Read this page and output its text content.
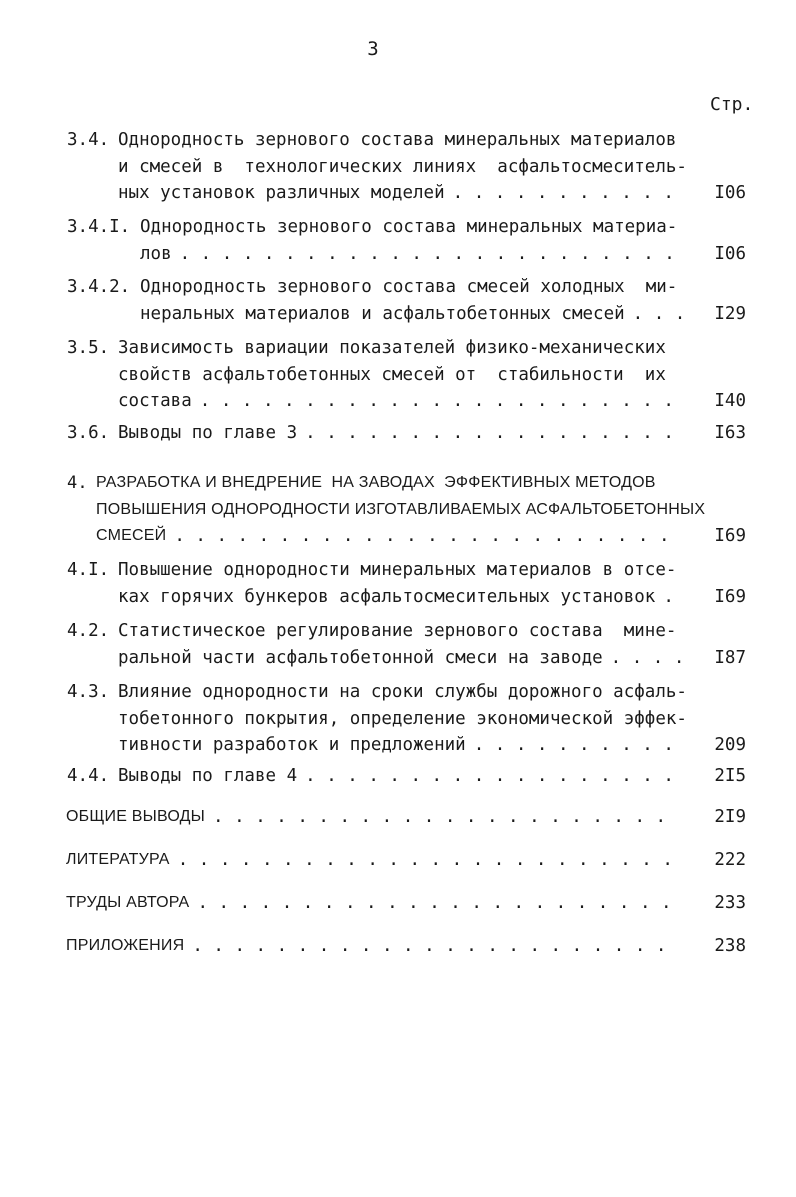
3
Стр.
3.4. Однородность зернового состава минеральных материалов
и смесей в  технологических линиях  асфальтосмеситель-
ных установок различных моделей . . . . . . . . . . .	I06
3.4.I. Однородность зернового состава минеральных материа-
лов . . . . . . . . . . . . . . . . . . . . . . . .	I06
3.4.2. Однородность зернового состава смесей холодных  ми-
неральных материалов и асфальтобетонных смесей . . .	I29
3.5. Зависимость вариации показателей физико-механических
свойств асфальтобетонных смесей от  стабильности  их
состава . . . . . . . . . . . . . . . . . . . . . . .	I40
3.6. Выводы по главе 3 . . . . . . . . . . . . . . . . . .	I63
4. РАЗРАБОТКА И ВНЕДРЕНИЕ  НА ЗАВОДАХ  ЭФФЕКТИВНЫХ МЕТОДОВ
ПОВЫШЕНИЯ ОДНОРОДНОСТИ ИЗГОТАВЛИВАЕМЫХ АСФАЛЬТОБЕТОННЫХ
СМЕСЕЙ . . . . . . . . . . . . . . . . . . . . . . . .	I69
4.I. Повышение однородности минеральных материалов в отсе-
ках горячих бункеров асфальтосмесительных установок .	I69
4.2. Статистическое регулирование зернового состава  мине-
ральной части асфальтобетонной смеси на заводе . . . .	I87
4.3. Влияние однородности на сроки службы дорожного асфаль-
тобетонного покрытия, определение экономической эффек-
тивности разработок и предложений . . . . . . . . . .	209
4.4. Выводы по главе 4 . . . . . . . . . . . . . . . . . .	2I5
ОБЩИЕ ВЫВОДЫ . . . . . . . . . . . . . . . . . . . . . .	2I9
ЛИТЕРАТУРА . . . . . . . . . . . . . . . . . . . . . . . .	222
ТРУДЫ АВТОРА . . . . . . . . . . . . . . . . . . . . . . .	233
ПРИЛОЖЕНИЯ . . . . . . . . . . . . . . . . . . . . . . .	238
